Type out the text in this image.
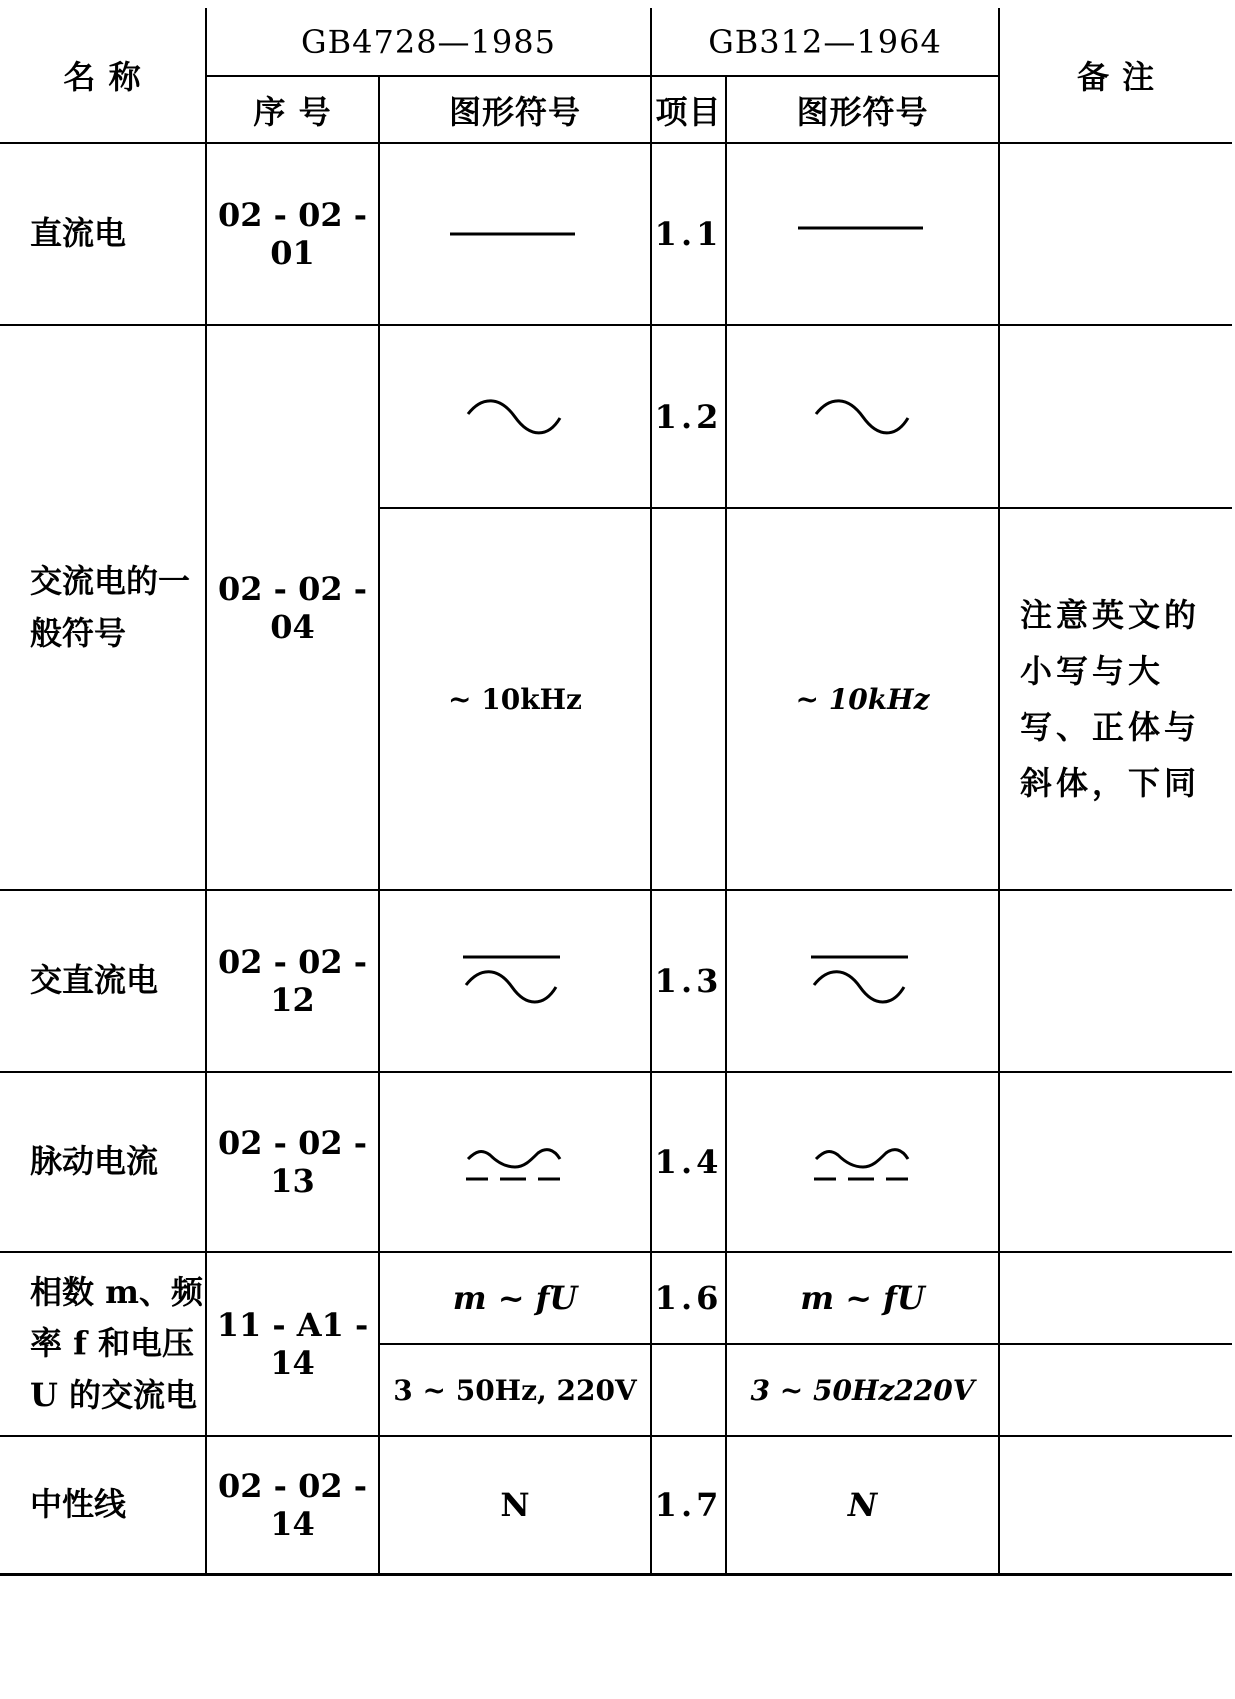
名 称	GB4728—1985		GB312—1964		备 注
	序 号	图形符号	项目	图形符号	
直流电	02 - 02 - 01		1.1	

交流电的一般符号	02 - 02 - 04		1.2	

		~ 10kHz		~ 10kHz	注意英文的小写与大写、正体与斜体，下同
交直流电	02 - 02 - 12		1.3	

脉动电流	02 - 02 - 13		1.4	

相数 m、频率 f 和电压 U 的交流电	11 - A1 - 14	m ~ fU	1.6	m ~ fU	
		3 ~ 50Hz, 220V		3 ~ 50Hz220V	
中性线	02 - 02 - 14	N	1.7	N	
